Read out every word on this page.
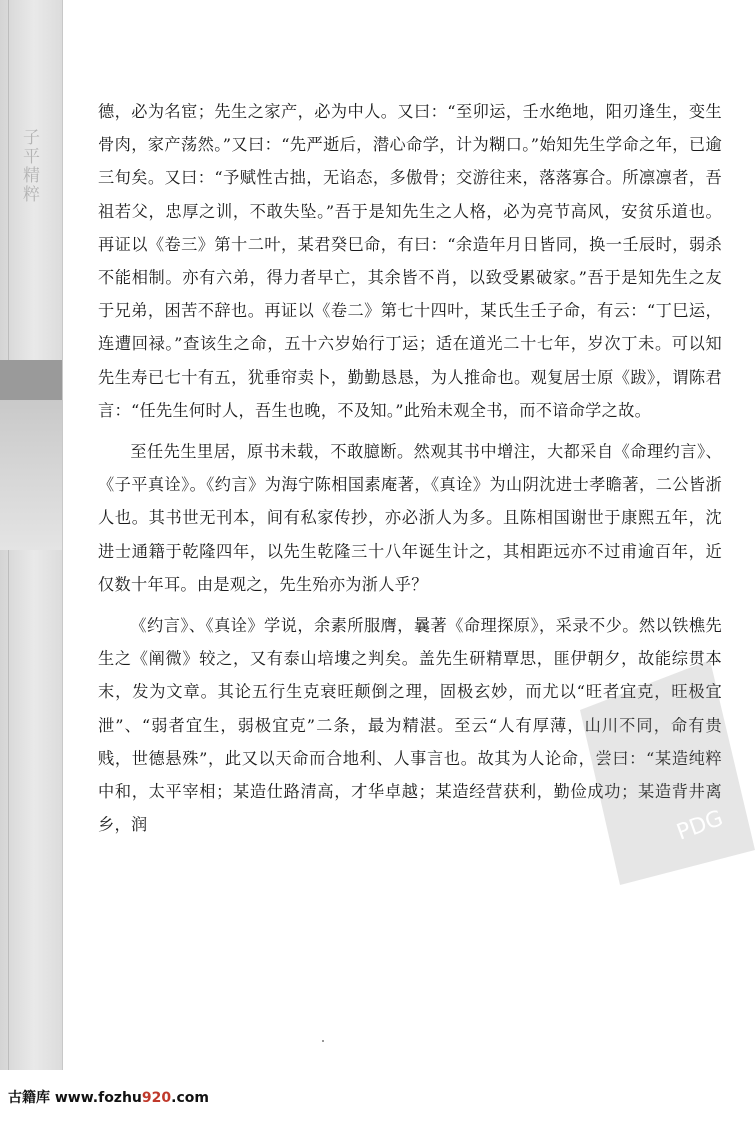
子平精粹

德，必为名宦；先生之家产，必为中人。又曰：“至卯运，壬水绝地，阳刃逢生，变生骨肉，家产荡然。”又曰：“先严逝后，潜心命学，计为糊口。”始知先生学命之年，已逾三旬矣。又曰：“予赋性古拙，无谄态，多傲骨；交游往来，落落寡合。所凛凛者，吾祖若父，忠厚之训，不敢失坠。”吾于是知先生之人格，必为亮节高风，安贫乐道也。再证以《卷三》第十二叶，某君癸巳命，有曰：“余造年月日皆同，换一壬辰时，弱杀不能相制。亦有六弟，得力者早亡，其余皆不肖，以致受累破家。”吾于是知先生之友于兄弟，困苦不辞也。再证以《卷二》第七十四叶，某氏生壬子命，有云：“丁巳运，连遭回禄。”查该生之命，五十六岁始行丁运；适在道光二十七年，岁次丁未。可以知先生寿已七十有五，犹垂帘卖卜，勤勤恳恳，为人推命也。观复居士原《跋》，谓陈君言：“任先生何时人，吾生也晚，不及知。”此殆未观全书，而不谙命学之故。

至任先生里居，原书未载，不敢臆断。然观其书中增注，大都采自《命理约言》、《子平真诠》。《约言》为海宁陈相国素庵著，《真诠》为山阴沈进士孝瞻著，二公皆浙人也。其书世无刊本，间有私家传抄，亦必浙人为多。且陈相国谢世于康熙五年，沈进士通籍于乾隆四年，以先生乾隆三十八年诞生计之，其相距远亦不过甫逾百年，近仅数十年耳。由是观之，先生殆亦为浙人乎？

《约言》、《真诠》学说，余素所服膺，曩著《命理探原》，采录不少。然以铁樵先生之《阐微》较之，又有泰山培塿之判矣。盖先生研精覃思，匪伊朝夕，故能综贯本末，发为文章。其论五行生克衰旺颠倒之理，固极玄妙，而尤以“旺者宜克，旺极宜泄”、“弱者宜生，弱极宜克”二条，最为精湛。至云“人有厚薄，山川不同，命有贵贱，世德悬殊”，此又以天命而合地利、人事言也。故其为人论命，尝曰：“某造纯粹中和，太平宰相；某造仕路清高，才华卓越；某造经营获利，勤俭成功；某造背井离乡，润	PDG
古籍库 www.fozhu920.com
